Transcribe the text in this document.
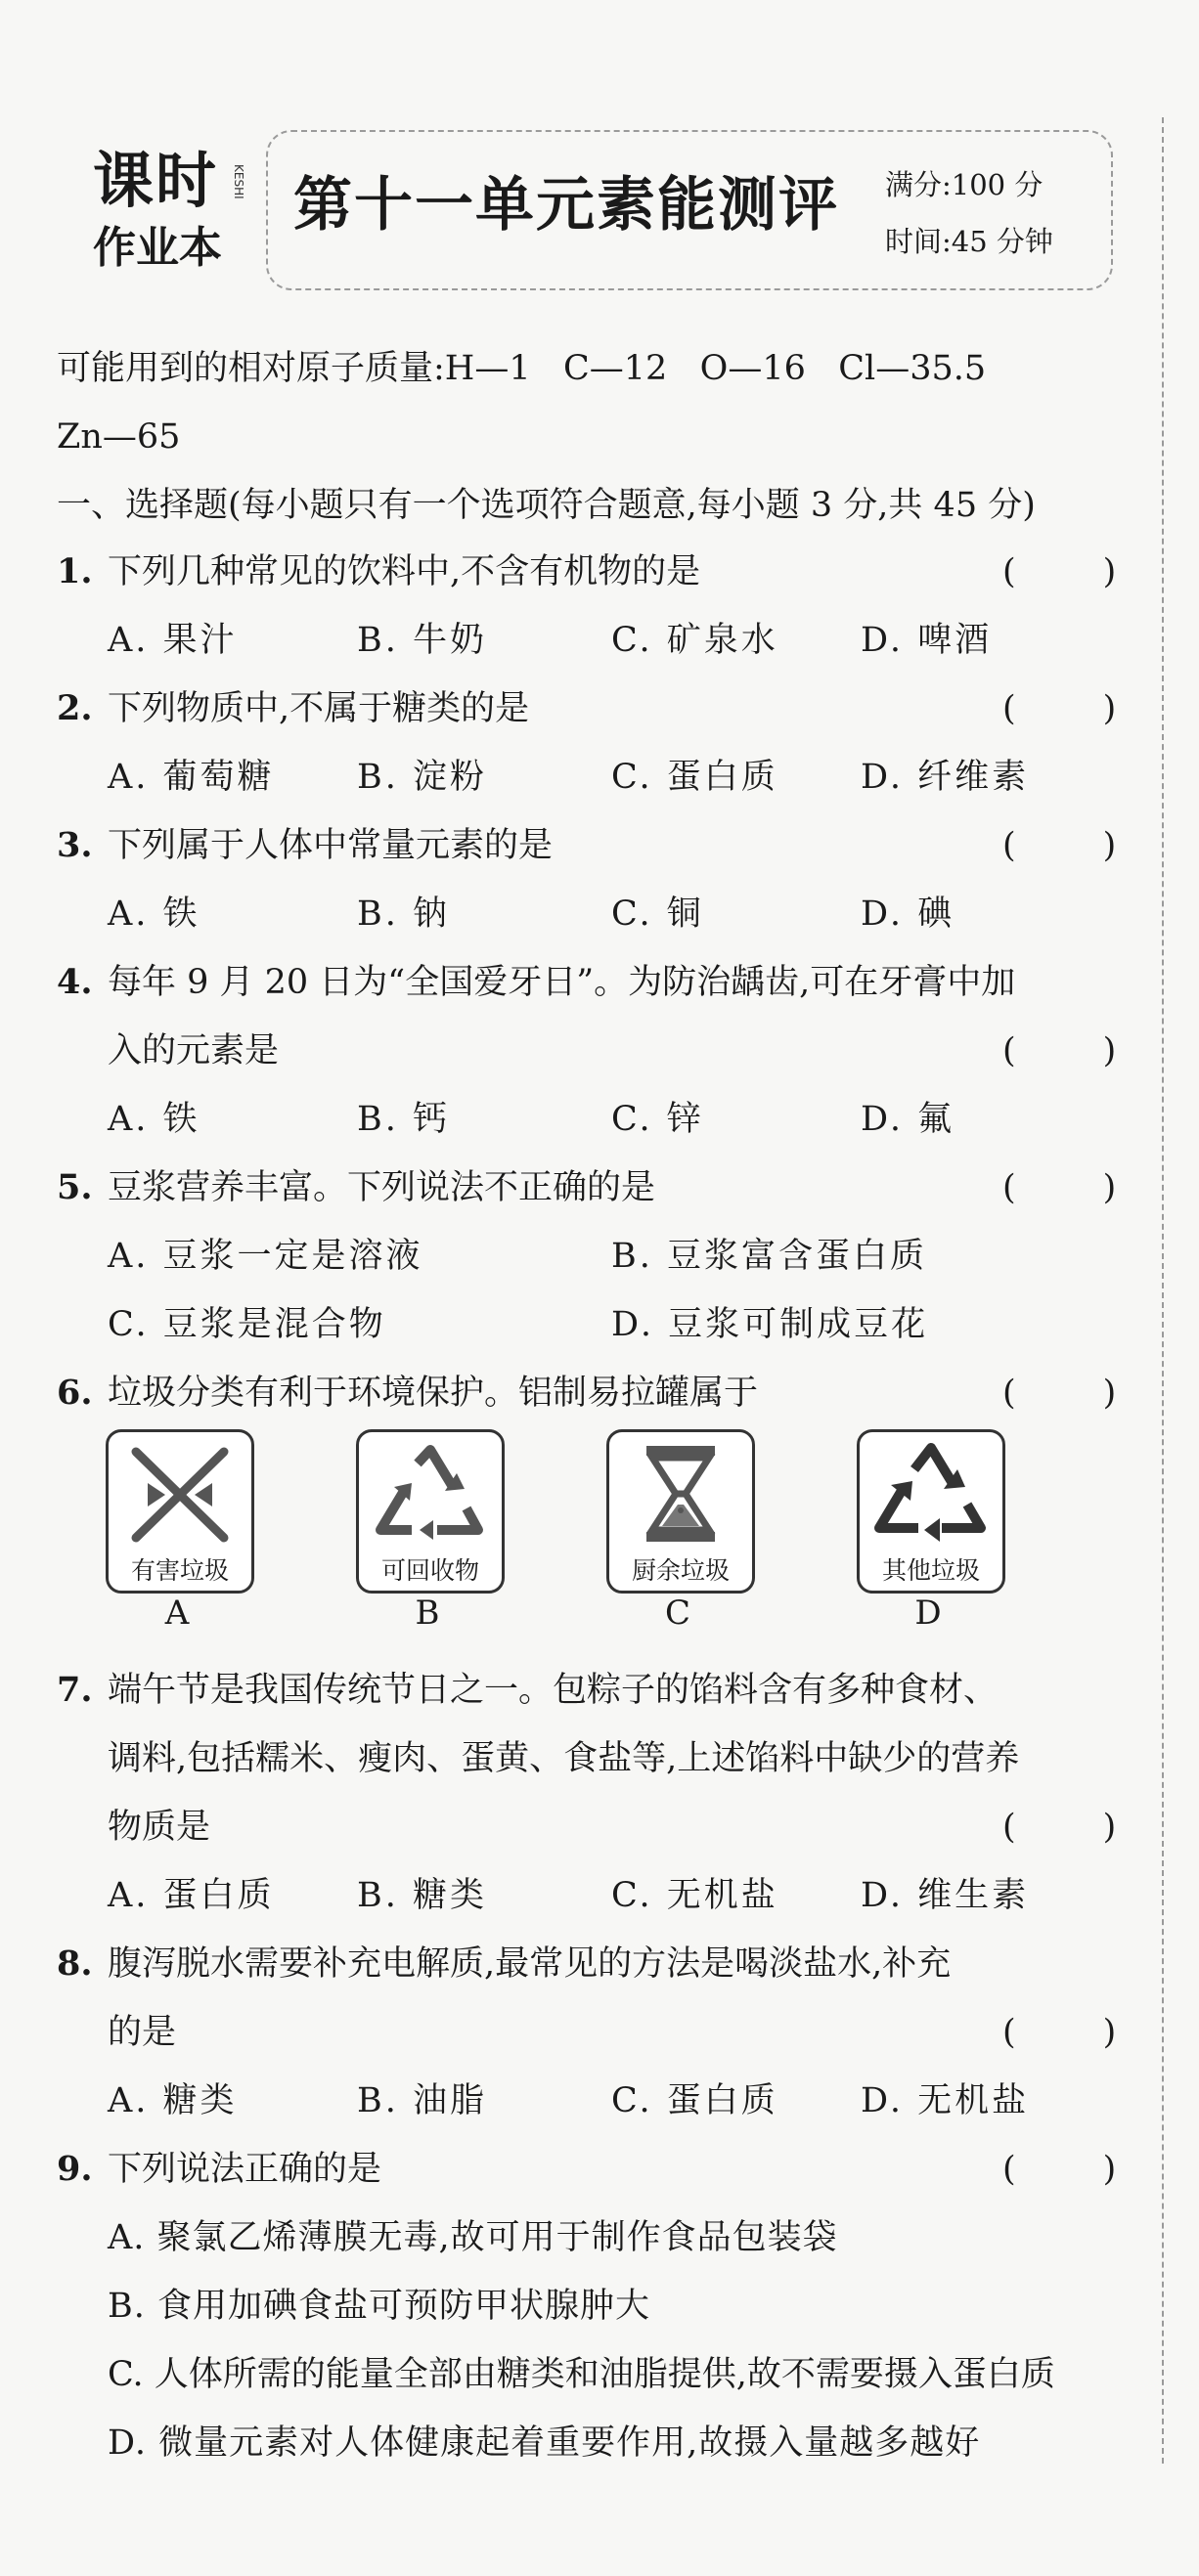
课时
作业本
KESHI 第十一单元素能测评 满分:100 分
时间:45 分钟
可能用到的相对原子质量:H—1   C—12   O—16   Cl—35.5
Zn—65
一、选择题(每小题只有一个选项符合题意,每小题 3 分,共 45 分)
1. 下列几种常见的饮料中,不含有机物的是	(        )
A. 果汁	B. 牛奶	C. 矿泉水 D. 啤酒
2. 下列物质中,不属于糖类的是	(        )
A. 葡萄糖 B. 淀粉	C. 蛋白质 D. 纤维素
3. 下列属于人体中常量元素的是	(        )
A. 铁	B. 钠	C. 铜	D. 碘
4. 每年 9 月 20 日为“全国爱牙日”。为防治龋齿,可在牙膏中加
入的元素是	(        )
A. 铁	B. 钙	C. 锌	D. 氟
5. 豆浆营养丰富。下列说法不正确的是	(        )
A. 豆浆一定是溶液	B. 豆浆富含蛋白质
C. 豆浆是混合物	D. 豆浆可制成豆花
6. 垃圾分类有利于环境保护。铝制易拉罐属于	(        )
有害垃圾	可回收物	厨余垃圾	其他垃圾
A	B	C	D
7. 端午节是我国传统节日之一。包粽子的馅料含有多种食材、
调料,包括糯米、瘦肉、蛋黄、食盐等,上述馅料中缺少的营养
物质是	(        )
A. 蛋白质 B. 糖类	C. 无机盐 D. 维生素
8. 腹泻脱水需要补充电解质,最常见的方法是喝淡盐水,补充
的是	(        )
A. 糖类	B. 油脂	C. 蛋白质 D. 无机盐
9. 下列说法正确的是	(        )
A. 聚氯乙烯薄膜无毒,故可用于制作食品包装袋
B. 食用加碘食盐可预防甲状腺肿大
C. 人体所需的能量全部由糖类和油脂提供,故不需要摄入蛋白质
D. 微量元素对人体健康起着重要作用,故摄入量越多越好
